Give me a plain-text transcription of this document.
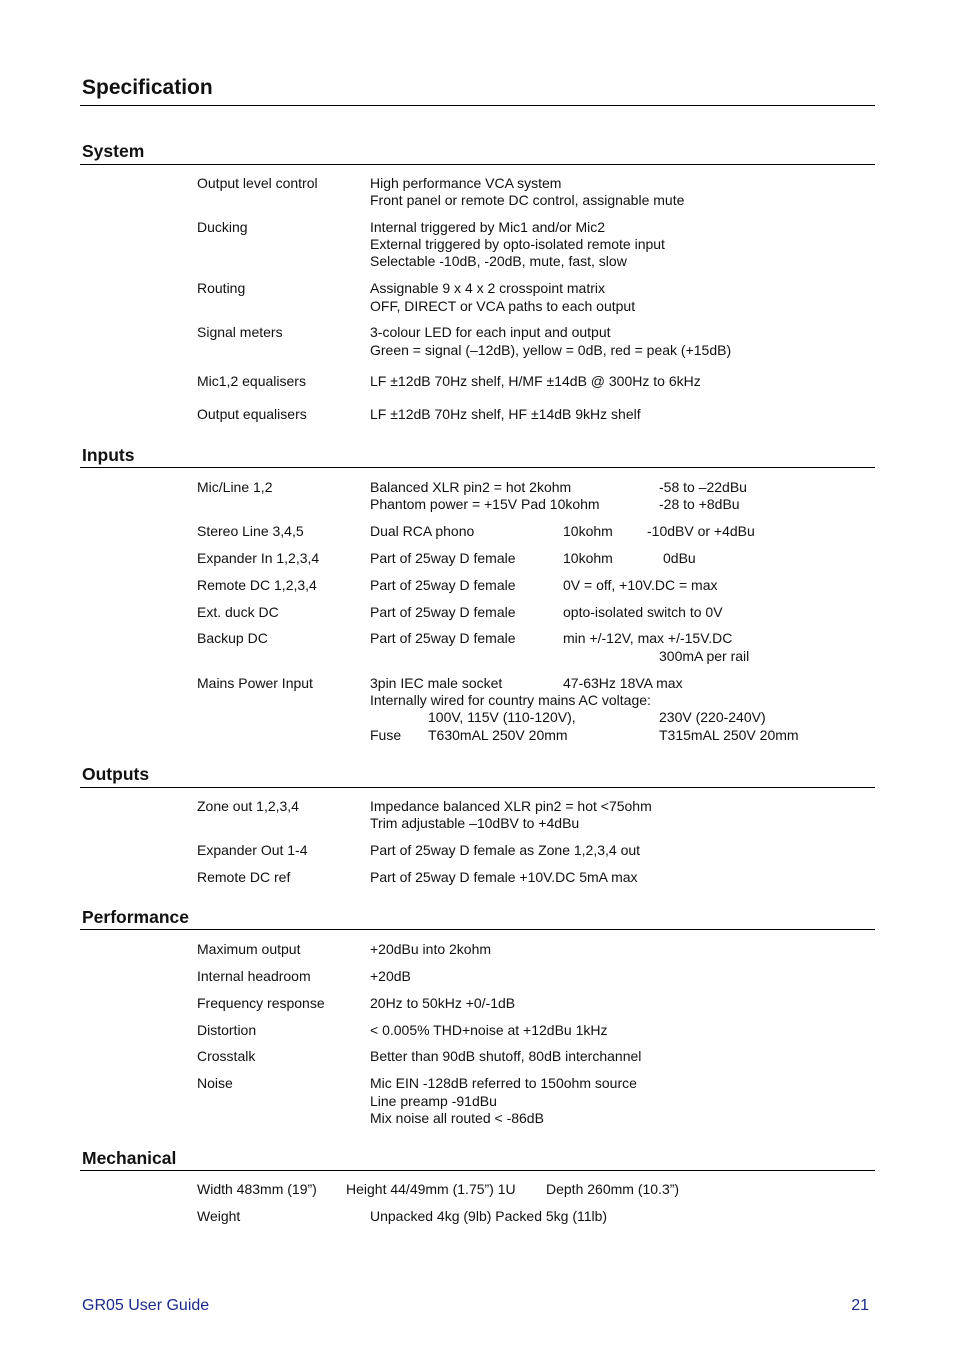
Specification
System
Output level control	High performance VCA system
Front panel or remote DC control, assignable mute
Ducking	Internal triggered by Mic1 and/or Mic2
External triggered by opto-isolated remote input
Selectable -10dB, -20dB, mute, fast, slow
Routing	Assignable 9 x 4 x 2 crosspoint matrix
OFF, DIRECT or VCA paths to each output
Signal meters	3-colour LED for each input and output
Green = signal (–12dB), yellow = 0dB, red = peak (+15dB)
Mic1,2 equalisers	LF ±12dB 70Hz shelf, H/MF ±14dB @ 300Hz to 6kHz
Output equalisers	LF ±12dB 70Hz shelf, HF ±14dB 9kHz shelf
Inputs
Mic/Line 1,2	Balanced XLR pin2 = hot 2kohm	-58 to –22dBu
Phantom power = +15V Pad 10kohm	-28 to +8dBu
Stereo Line 3,4,5	Dual RCA phono	10kohm -10dBV or +4dBu
Expander In 1,2,3,4	Part of 25way D female	10kohm	0dBu
Remote DC 1,2,3,4	Part of 25way D female	0V = off, +10V.DC = max
Ext. duck DC	Part of 25way D female	opto-isolated switch to 0V
Backup DC	Part of 25way D female	min +/-12V, max +/-15V.DC
300mA per rail
Mains Power Input	3pin IEC male socket	47-63Hz 18VA max
Internally wired for country mains AC voltage:
100V, 115V (110-120V),	230V (220-240V)
Fuse T630mAL 250V 20mm	T315mAL 250V 20mm
Outputs
Zone out 1,2,3,4	Impedance balanced XLR pin2 = hot <75ohm
Trim adjustable –10dBV to +4dBu
Expander Out 1-4	Part of 25way D female as Zone 1,2,3,4 out
Remote DC ref	Part of 25way D female +10V.DC 5mA max
Performance
Maximum output	+20dBu into 2kohm
Internal headroom	+20dB
Frequency response	20Hz to 50kHz +0/-1dB
Distortion	< 0.005% THD+noise at +12dBu 1kHz
Crosstalk	Better than 90dB shutoff, 80dB interchannel
Noise	Mic EIN -128dB referred to 150ohm source
Line preamp -91dBu
Mix noise all routed < -86dB
Mechanical
Width 483mm (19”) Height 44/49mm (1.75”) 1U Depth 260mm (10.3”)
Weight	Unpacked 4kg (9lb) Packed 5kg (11lb)
GR05 User Guide	21
